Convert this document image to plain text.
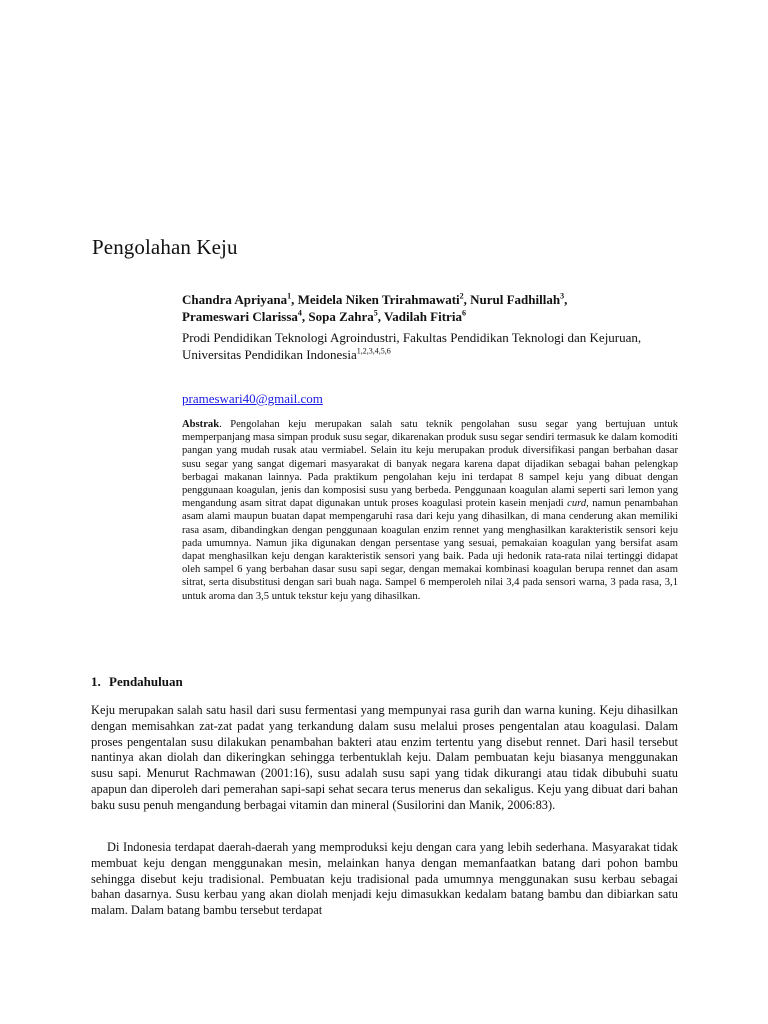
Pengolahan Keju
Chandra Apriyana$^1$, Meidela Niken Trirahmawati$^2$, Nurul Fadhillah$^3$,
Prameswari Clarissa$^4$, Sopa Zahra$^5$, Vadilah Fitria$^6$
Prodi Pendidikan Teknologi Agroindustri, Fakultas Pendidikan Teknologi dan Kejuruan, Universitas Pendidikan Indonesia$^{1,2,3,4,5,6}$
prameswari40@gmail.com

Abstrak. Pengolahan keju merupakan salah satu teknik pengolahan susu segar yang bertujuan untuk memperpanjang masa simpan produk susu segar, dikarenakan produk susu segar sendiri termasuk ke dalam komoditi pangan yang mudah rusak atau vermiabel. Selain itu keju merupakan produk diversifikasi pangan berbahan dasar susu segar yang sangat digemari masyarakat di banyak negara karena dapat dijadikan sebagai bahan pelengkap berbagai makanan lainnya. Pada praktikum pengolahan keju ini terdapat 8 sampel keju yang dibuat dengan penggunaan koagulan, jenis dan komposisi susu yang berbeda. Penggunaan koagulan alami seperti sari lemon yang mengandung asam sitrat dapat digunakan untuk proses koagulasi protein kasein menjadi curd, namun penambahan asam alami maupun buatan dapat mempengaruhi rasa dari keju yang dihasilkan, di mana cenderung akan memiliki rasa asam, dibandingkan dengan penggunaan koagulan enzim rennet yang menghasilkan karakteristik sensori keju pada umumnya. Namun jika digunakan dengan persentase yang sesuai, pemakaian koagulan yang bersifat asam dapat menghasilkan keju dengan karakteristik sensori yang baik. Pada uji hedonik rata-rata nilai tertinggi didapat oleh sampel 6 yang berbahan dasar susu sapi segar, dengan memakai kombinasi koagulan berupa rennet dan asam sitrat, serta disubstitusi dengan sari buah naga. Sampel 6 memperoleh nilai 3,4 pada sensori warna, 3 pada rasa, 3,1 untuk aroma dan 3,5 untuk tekstur keju yang dihasilkan.

1. Pendahuluan

Keju merupakan salah satu hasil dari susu fermentasi yang mempunyai rasa gurih dan warna kuning. Keju dihasilkan dengan memisahkan zat-zat padat yang terkandung dalam susu melalui proses pengentalan atau koagulasi. Dalam proses pengentalan susu dilakukan penambahan bakteri atau enzim tertentu yang disebut rennet. Dari hasil tersebut nantinya akan diolah dan dikeringkan sehingga terbentuklah keju. Dalam pembuatan keju biasanya menggunakan susu sapi. Menurut Rachmawan (2001:16), susu adalah susu sapi yang tidak dikurangi atau tidak dibubuhi suatu apapun dan diperoleh dari pemerahan sapi-sapi sehat secara terus menerus dan sekaligus. Keju yang dibuat dari bahan baku susu penuh mengandung berbagai vitamin dan mineral (Susilorini dan Manik, 2006:83).

Di Indonesia terdapat daerah-daerah yang memproduksi keju dengan cara yang lebih sederhana. Masyarakat tidak membuat keju dengan menggunakan mesin, melainkan hanya dengan memanfaatkan batang dari pohon bambu sehingga disebut keju tradisional. Pembuatan keju tradisional pada umumnya menggunakan susu kerbau sebagai bahan dasarnya. Susu kerbau yang akan diolah menjadi keju dimasukkan kedalam batang bambu dan dibiarkan satu malam. Dalam batang bambu tersebut terdapat
